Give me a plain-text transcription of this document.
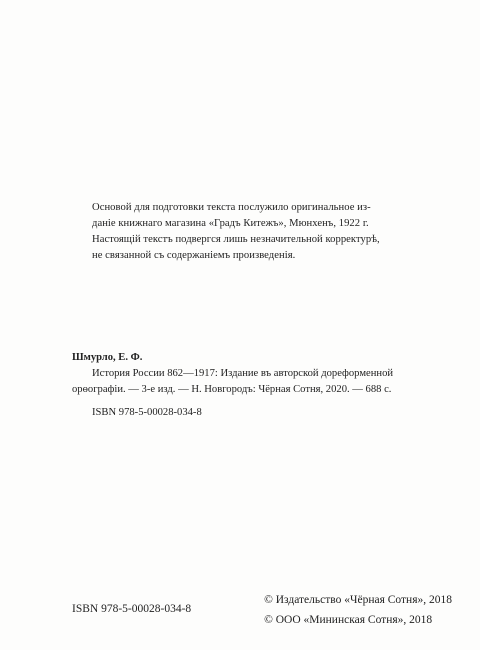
Основой для подготовки текста послужило оригинальное из-
даніе книжнаго магазина «Градъ Китежъ», Мюнхенъ, 1922 г.
Настоящій текстъ подвергся лишь незначительной корректурѣ,
не связанной съ содержаніемъ произведенія.
Шмурло, Е. Ф.
История России 862—1917: Издание въ авторской дореформенной
орѳографіи. — 3-е изд. — Н. Новгородъ: Чёрная Сотня, 2020. — 688 с.
ISBN 978-5-00028-034-8
ISBN 978-5-00028-034-8
© Издательство «Чёрная Сотня», 2018
© ООО «Мининская Сотня», 2018
